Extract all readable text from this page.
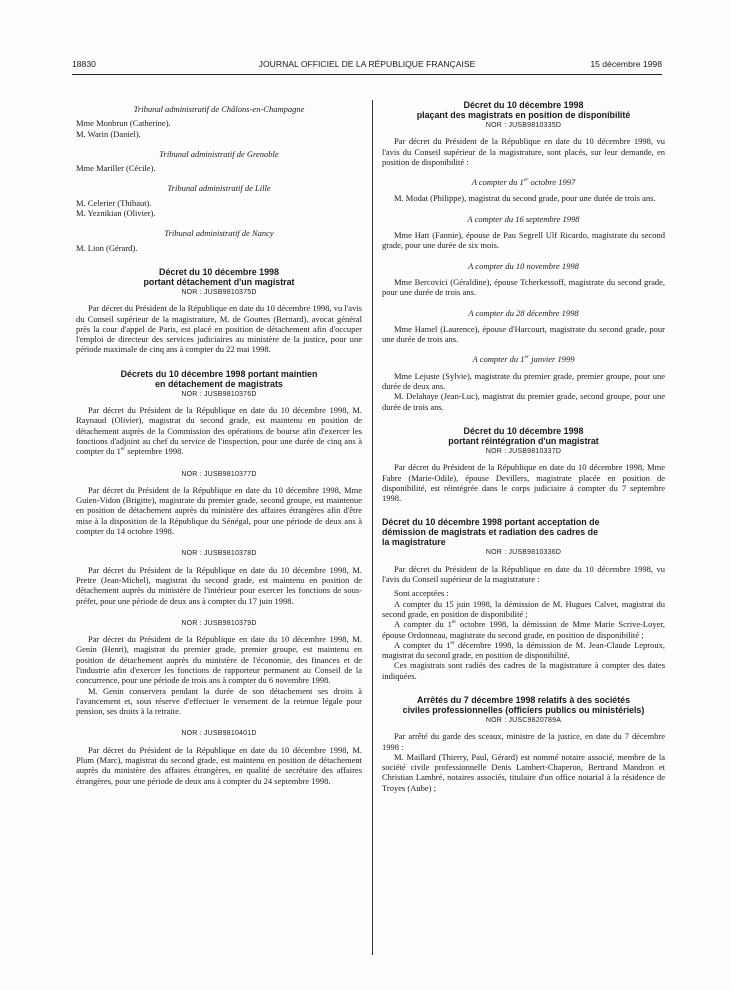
18830	JOURNAL OFFICIEL DE LA RÉPUBLIQUE FRANÇAISE	15 décembre 1998

Tribunal administratif de Châlons-en-Champagne

Mme Monbrun (Catherine).

M. Warin (Daniel).

Tribunal administratif de Grenoble

Mme Mariller (Cécile).

Tribunal administratif de Lille

M. Celerier (Thibaut).

M. Yeznikian (Olivier).

Tribunal administratif de Nancy

M. Lion (Gérard).

Décret du 10 décembre 1998

portant détachement d'un magistrat

NOR : JUSB9810375D

Par décret du Président de la République en date du 10 décembre 1998, vu l'avis du Conseil supérieur de la magistrature, M. de Gouttes (Bernard), avocat général près la cour d'appel de Paris, est placé en position de détachement afin d'occuper l'emploi de directeur des services judiciaires au ministère de la justice, pour une période maximale de cinq ans à compter du 22 mai 1998.

Décrets du 10 décembre 1998 portant maintien

en détachement de magistrats

NOR : JUSB9810376D

Par décret du Président de la République en date du 10 décembre 1998, M. Raynaud (Olivier), magistrat du second grade, est maintenu en position de détachement auprès de la Commission des opérations de bourse afin d'exercer les fonctions d'adjoint au chef du service de l'inspection, pour une durée de cinq ans à compter du 1er septembre 1998.

NOR : JUSB9810377D

Par décret du Président de la République en date du 10 décembre 1998, Mme Guien-Vidon (Brigitte), magistrate du premier grade, second groupe, est maintenue en position de détachement auprès du ministère des affaires étrangères afin d'être mise à la disposition de la République du Sénégal, pour une période de deux ans à compter du 14 octobre 1998.

NOR : JUSB9810378D

Par décret du Président de la République en date du 10 décembre 1998, M. Pretre (Jean-Michel), magistrat du second grade, est maintenu en position de détachement auprès du ministère de l'intérieur pour exercer les fonctions de sous-préfet, pour une période de deux ans à compter du 17 juin 1998.

NOR : JUSB9810379D

Par décret du Président de la République en date du 10 décembre 1998, M. Genin (Henri), magistrat du premier grade, premier groupe, est maintenu en position de détachement auprès du ministère de l'économie, des finances et de l'industrie afin d'exercer les fonctions de rapporteur permanent au Conseil de la concurrence, pour une période de trois ans à compter du 6 novembre 1998.

M. Genin conservera pendant la durée de son détachement ses droits à l'avancement et, sous réserve d'effectuer le versement de la retenue légale pour pension, ses droits à la retraite.

NOR : JUSB9810401D

Par décret du Président de la République en date du 10 décembre 1998, M. Plum (Marc), magistrat du second grade, est maintenu en position de détachement auprès du ministère des affaires étrangères, en qualité de secrétaire des affaires étrangères, pour une période de deux ans à compter du 24 septembre 1998.

Décret du 10 décembre 1998

plaçant des magistrats en position de disponibilité

NOR : JUSB9810335D

Par décret du Président de la République en date du 10 décembre 1998, vu l'avis du Conseil supérieur de la magistrature, sont placés, sur leur demande, en position de disponibilité :

A compter du 1er octobre 1997

M. Modat (Philippe), magistrat du second grade, pour une durée de trois ans.

A compter du 16 septembre 1998

Mme Hatt (Fannie), épouse de Pau Segrell Ulf Ricardo, magistrate du second grade, pour une durée de six mois.

A compter du 10 novembre 1998

Mme Bercovici (Géraldine), épouse Tcherkessoff, magistrate du second grade, pour une durée de trois ans.

A compter du 28 décembre 1998

Mme Hamel (Laurence), épouse d'Harcourt, magistrate du second grade, pour une durée de trois ans.

A compter du 1er janvier 1999

Mme Lejuste (Sylvie), magistrate du premier grade, premier groupe, pour une durée de deux ans.

M. Delahaye (Jean-Luc), magistrat du premier grade, second groupe, pour une durée de trois ans.

Décret du 10 décembre 1998

portant réintégration d'un magistrat

NOR : JUSB9810337D

Par décret du Président de la République en date du 10 décembre 1998, Mme Fabre (Marie-Odile), épouse Devillers, magistrate placée en position de disponibilité, est réintégrée dans le corps judiciaire à compter du 7 septembre 1998.

Décret du 10 décembre 1998 portant acceptation de

démission de magistrats et radiation des cadres de

la magistrature

NOR : JUSB9810336D

Par décret du Président de la République en date du 10 décembre 1998, vu l'avis du Conseil supérieur de la magistrature :

Sont acceptées :

A compter du 15 juin 1998, la démission de M. Hugues Calvet, magistrat du second grade, en position de disponibilité ;

A compter du 1er octobre 1998, la démission de Mme Marie Scrive-Loyer, épouse Ordonneau, magistrate du second grade, en position de disponibilité ;

A compter du 1er décembre 1998, la démission de M. Jean-Claude Leproux, magistrat du second grade, en position de disponibilité.

Ces magistrats sont radiés des cadres de la magistrature à compter des dates indiquées.

Arrêtés du 7 décembre 1998 relatifs à des sociétés

civiles professionnelles (officiers publics ou ministériels)

NOR : JUSC9820789A

Par arrêté du garde des sceaux, ministre de la justice, en date du 7 décembre 1998 :

M. Maillard (Thierry, Paul, Gérard) est nommé notaire associé, membre de la société civile professionnelle Denis Lambert-Chaperon, Bertrand Mandron et Christian Lambré, notaires associés, titulaire d'un office notarial à la résidence de Troyes (Aube) ;
